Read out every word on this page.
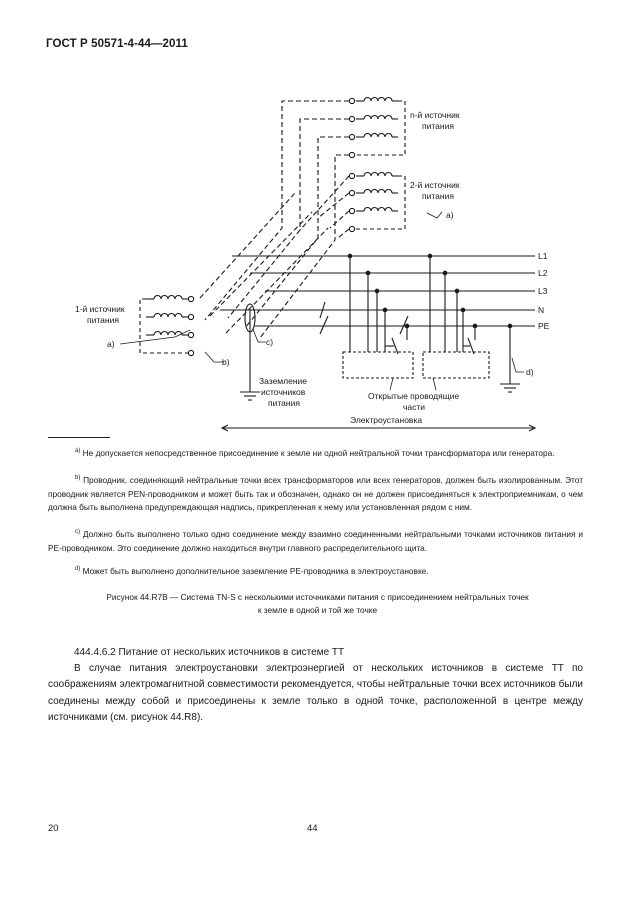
ГОСТ Р 50571-4-44—2011
n-й источник
питания
2-й источник
питания
a)
1-й источник
питания
a)
b)
c)
d)
L1
L2
L3
N
PE
Заземление
источников
питания
Открытые проводящие
части
Электроустановка
$^{a)}$ Не допускается непосредственное присоединение к земле ни одной нейтральной точки трансформатора или генератора.
$^{b)}$ Проводник, соединяющий нейтральные точки всех трансформаторов или всех генераторов, должен быть изолированным. Этот проводник является PEN-проводником и может быть так и обозначен, однако он не должен присоединяться к электроприемникам, о чем должна быть выполнена предупреждающая надпись, прикрепленная к нему или установленная рядом с ним.
$^{c)}$ Должно быть выполнено только одно соединение между взаимно соединенными нейтральными точками источников питания и PE-проводником. Это соединение должно находиться внутри главного распределительного щита.
$^{d)}$ Может быть выполнено дополнительное заземление PE-проводника в электроустановке.
Рисунок 44.R7B — Система TN-S с несколькими источниками питания с присоединением нейтральных точек
к земле в одной и той же точке
444.4.6.2 Питание от нескольких источников в системе TT
В случае питания электроустановки электроэнергией от нескольких источников в системе TT по соображениям электромагнитной совместимости рекомендуется, чтобы нейтральные точки всех источников были соединены между собой и присоединены к земле только в одной точке, расположенной в центре между источниками (см. рисунок 44.R8).
20	44
